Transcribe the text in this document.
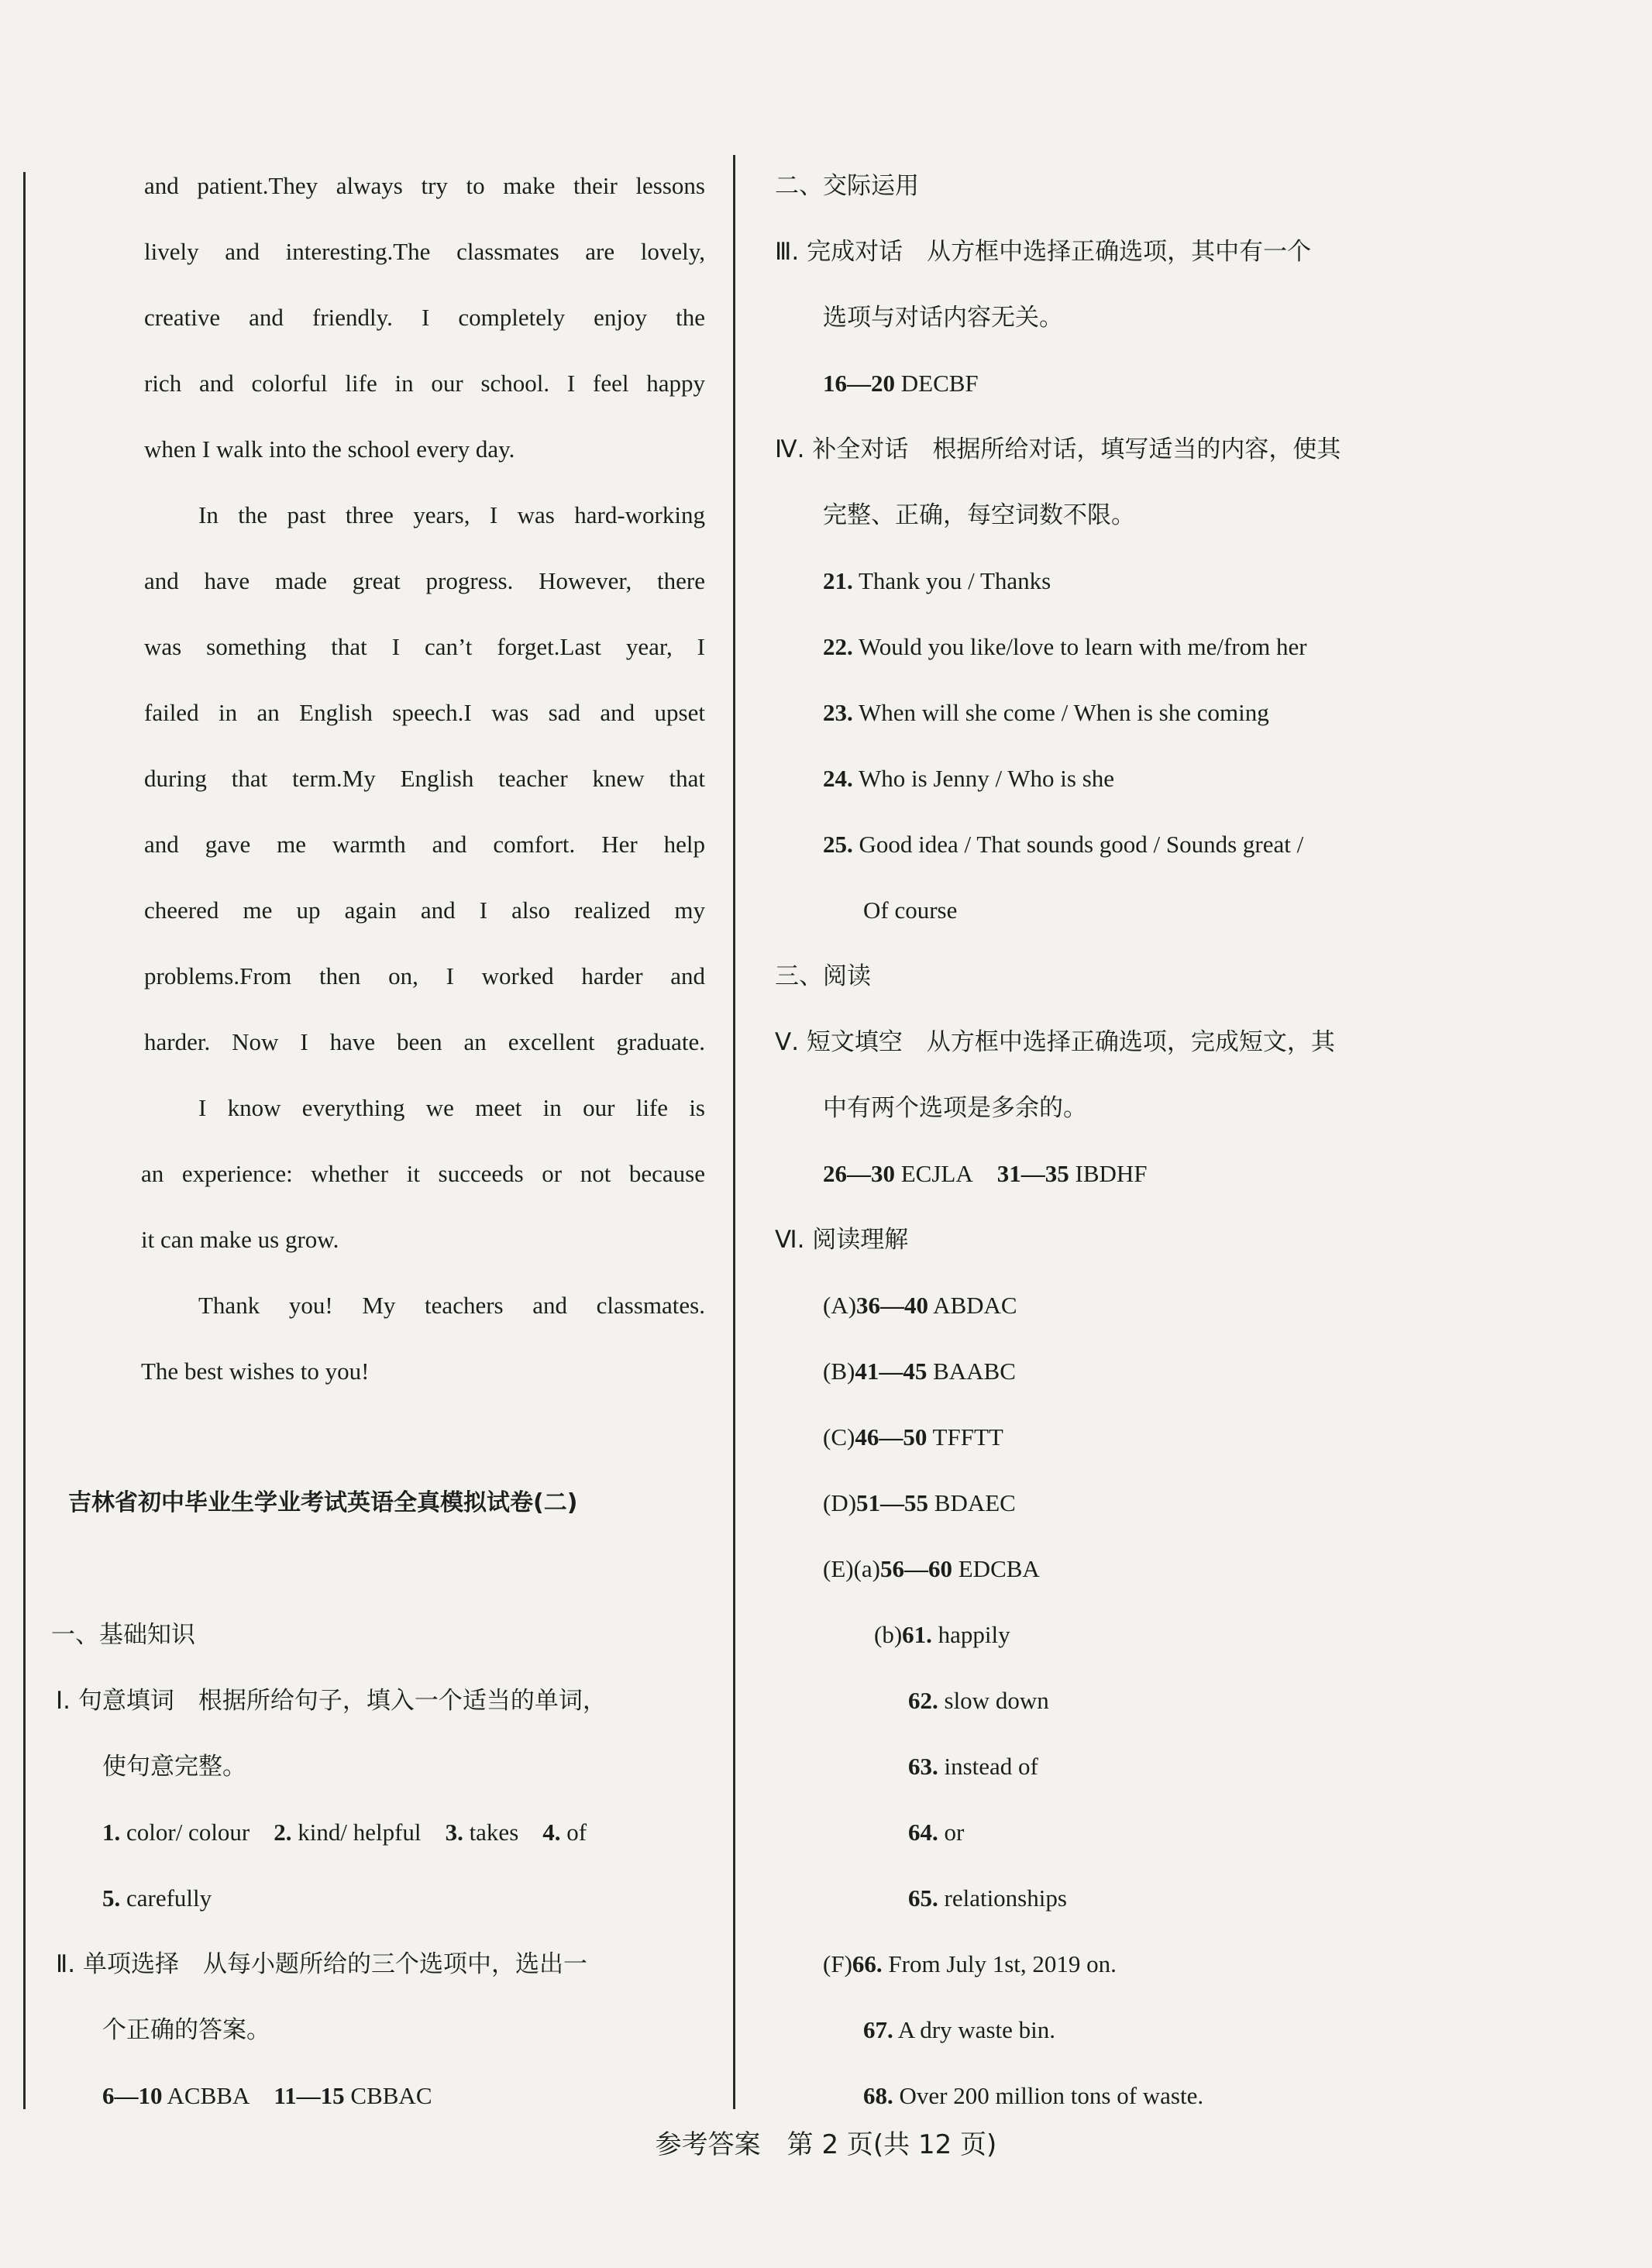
and patient.They always try to make their lessons
lively and interesting.The classmates are lovely,
creative and friendly. I completely enjoy the
rich and colorful life in our school. I feel happy
when I walk into the school every day.
In the past three years, I was hard-working
and have made great progress. However, there
was something that I can’t forget.Last year, I
failed in an English speech.I was sad and upset
during that term.My English teacher knew that
and gave me warmth and comfort. Her help
cheered me up again and I also realized my
problems.From then on, I worked harder and
harder. Now I have been an excellent graduate.
I know everything we meet in our life is
an experience: whether it succeeds or not because
it can make us grow.
Thank you! My teachers and classmates.
The best wishes to you!
吉林省初中毕业生学业考试英语全真模拟试卷(二)
一、基础知识
Ⅰ. 句意填词　根据所给句子，填入一个适当的单词，
使句意完整。
1. color/ colour 2. kind/ helpful 3. takes 4. of
5. carefully
Ⅱ. 单项选择　从每小题所给的三个选项中，选出一
个正确的答案。
6—10 ACBBA 11—15 CBBAC
二、交际运用
Ⅲ. 完成对话　从方框中选择正确选项，其中有一个
选项与对话内容无关。
16—20 DECBF
Ⅳ. 补全对话　根据所给对话，填写适当的内容，使其
完整、正确，每空词数不限。
21. Thank you / Thanks
22. Would you like/love to learn with me/from her
23. When will she come / When is she coming
24. Who is Jenny / Who is she
25. Good idea / That sounds good / Sounds great /
Of course
三、阅读
Ⅴ. 短文填空　从方框中选择正确选项，完成短文，其
中有两个选项是多余的。
26—30 ECJLA 31—35 IBDHF
Ⅵ. 阅读理解
(A)36—40 ABDAC
(B)41—45 BAABC
(C)46—50 TFFTT
(D)51—55 BDAEC
(E)(a)56—60 EDCBA
(b)61. happily
62. slow down
63. instead of
64. or
65. relationships
(F)66. From July 1st, 2019 on.
67. A dry waste bin.
68. Over 200 million tons of waste.
参考答案　第 2 页(共 12 页)
